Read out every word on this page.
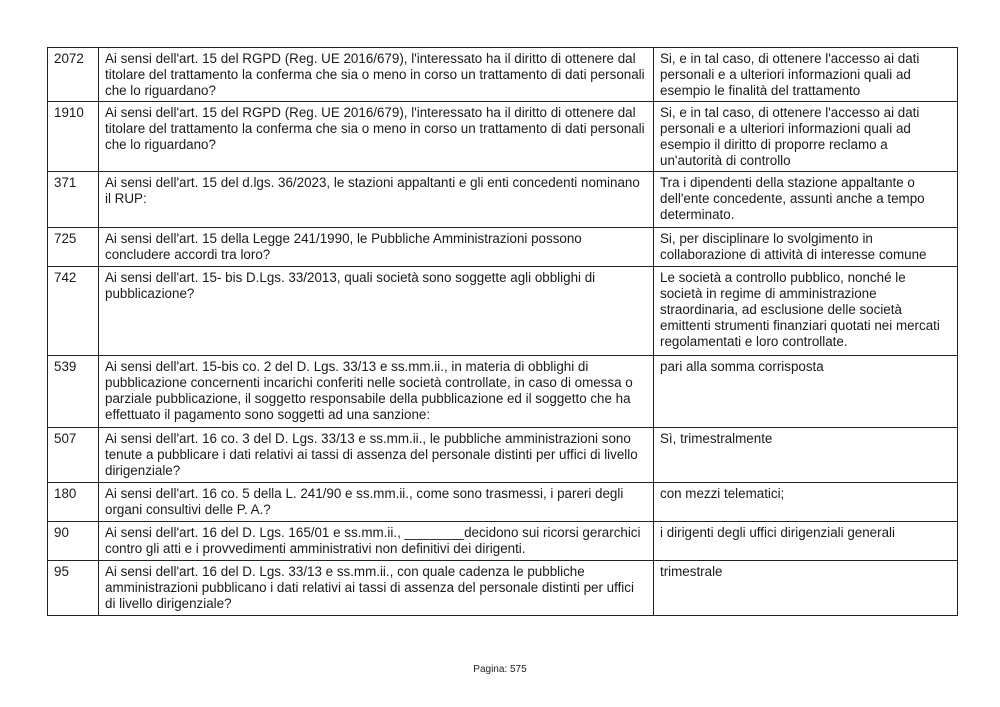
2072	Ai sensi dell'art. 15 del RGPD (Reg. UE 2016/679), l'interessato ha il diritto di ottenere dal titolare del trattamento la conferma che sia o meno in corso un trattamento di dati personali che lo riguardano?	Si, e in tal caso, di ottenere l'accesso ai dati personali e a ulteriori informazioni quali ad esempio le finalità del trattamento
1910	Ai sensi dell'art. 15 del RGPD (Reg. UE 2016/679), l'interessato ha il diritto di ottenere dal titolare del trattamento la conferma che sia o meno in corso un trattamento di dati personali che lo riguardano?	Si, e in tal caso, di ottenere l'accesso ai dati personali e a ulteriori informazioni quali ad esempio il diritto di proporre reclamo a un'autorità di controllo
371	Ai sensi dell'art. 15 del d.lgs. 36/2023, le stazioni appaltanti e gli enti concedenti nominano il RUP:	Tra i dipendenti della stazione appaltante o dell'ente concedente, assunti anche a tempo determinato.
725	Ai sensi dell'art. 15 della Legge 241/1990, le Pubbliche Amministrazioni possono concludere accordi tra loro?	Si, per disciplinare lo svolgimento in collaborazione di attività di interesse comune
742	Ai sensi dell'art. 15- bis D.Lgs. 33/2013, quali società sono soggette agli obblighi di pubblicazione?	Le società a controllo pubblico, nonché le società in regime di amministrazione straordinaria, ad esclusione delle società emittenti strumenti finanziari quotati nei mercati regolamentati e loro controllate.
539	Ai sensi dell'art. 15-bis co. 2 del D. Lgs. 33/13 e ss.mm.ii., in materia di obblighi di pubblicazione concernenti incarichi conferiti nelle società controllate, in caso di omessa o parziale pubblicazione, il soggetto responsabile della pubblicazione ed il soggetto che ha effettuato il pagamento sono soggetti ad una sanzione:	pari alla somma corrisposta
507	Ai sensi dell'art. 16 co. 3 del D. Lgs. 33/13 e ss.mm.ii., le pubbliche amministrazioni sono tenute a pubblicare i dati relativi ai tassi di assenza del personale distinti per uffici di livello dirigenziale?	Sì, trimestralmente
180	Ai sensi dell'art. 16 co. 5 della L. 241/90 e ss.mm.ii., come sono trasmessi, i pareri degli organi consultivi delle P. A.?	con mezzi telematici;
90	Ai sensi dell'art. 16 del D. Lgs. 165/01 e ss.mm.ii., ________decidono sui ricorsi gerarchici contro gli atti e i provvedimenti amministrativi non definitivi dei dirigenti.	i dirigenti degli uffici dirigenziali generali
95	Ai sensi dell'art. 16 del D. Lgs. 33/13 e ss.mm.ii., con quale cadenza le pubbliche amministrazioni pubblicano i dati relativi ai tassi di assenza del personale distinti per uffici di livello dirigenziale?	trimestrale
Pagina: 575
